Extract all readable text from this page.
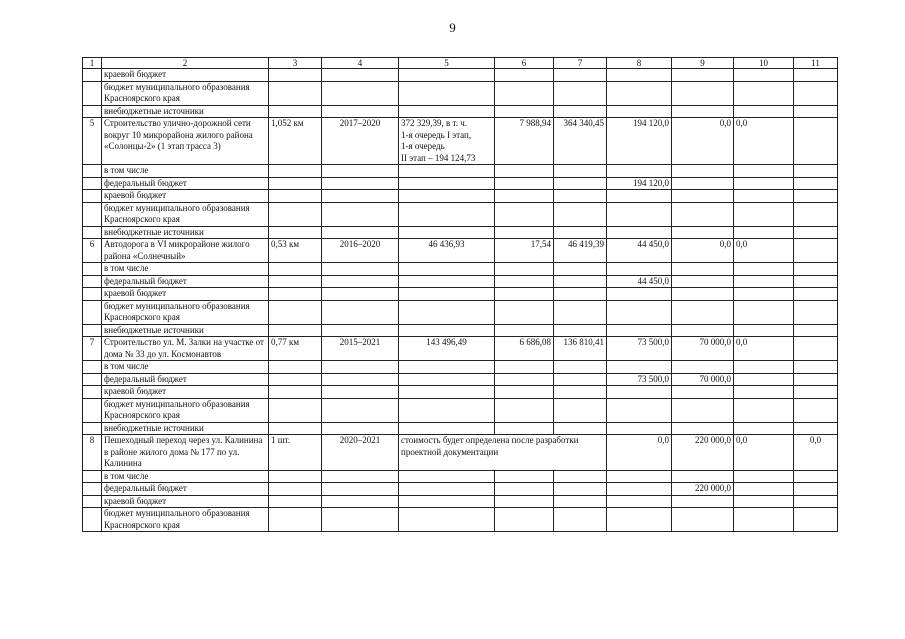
9
1	2	3	4	5	6	7	8	9	10	11
	краевой бюджет									
	бюджет муниципального образования Красноярского края									
	внебюджетные источники									
5	Строительство улично-дорожной сети вокруг 10 микрорайона жилого района «Солонцы-2» (1 этап трасса 3)	1,052 км	2017–2020	372 329,39, в т. ч.
1-я очередь I этап,
1-я очередь
II этап – 194 124,73	7 988,94	364 340,45	194 120,0	0,0	0,0	
	в том числе									
	федеральный бюджет						194 120,0			
	краевой бюджет									
	бюджет муниципального образования Красноярского края									
	внебюджетные источники									
6	Автодорога в VI микрорайоне жилого района «Солнечный»	0,53 км	2016–2020	46 436,93	17,54	46 419,39	44 450,0	0,0	0,0	
	в том числе									
	федеральный бюджет						44 450,0			
	краевой бюджет									
	бюджет муниципального образования Красноярского края									
	внебюджетные источники									
7	Строительство ул. М. Залки на участке от дома № 33 до ул. Космонавтов	0,77 км	2015–2021	143 496,49	6 686,08	136 810,41	73 500,0	70 000,0	0,0	
	в том числе									
	федеральный бюджет						73 500,0	70 000,0		
	краевой бюджет									
	бюджет муниципального образования Красноярского края									
	внебюджетные источники									
8	Пешеходный переход через ул. Калинина в районе жилого дома № 177 по ул. Калинина	1 шт.	2020–2021	стоимость будет определена после разработки проектной документации			0,0	220 000,0	0,0	0,0
	в том числе									
	федеральный бюджет							220 000,0		
	краевой бюджет									
	бюджет муниципального образования Красноярского края									
